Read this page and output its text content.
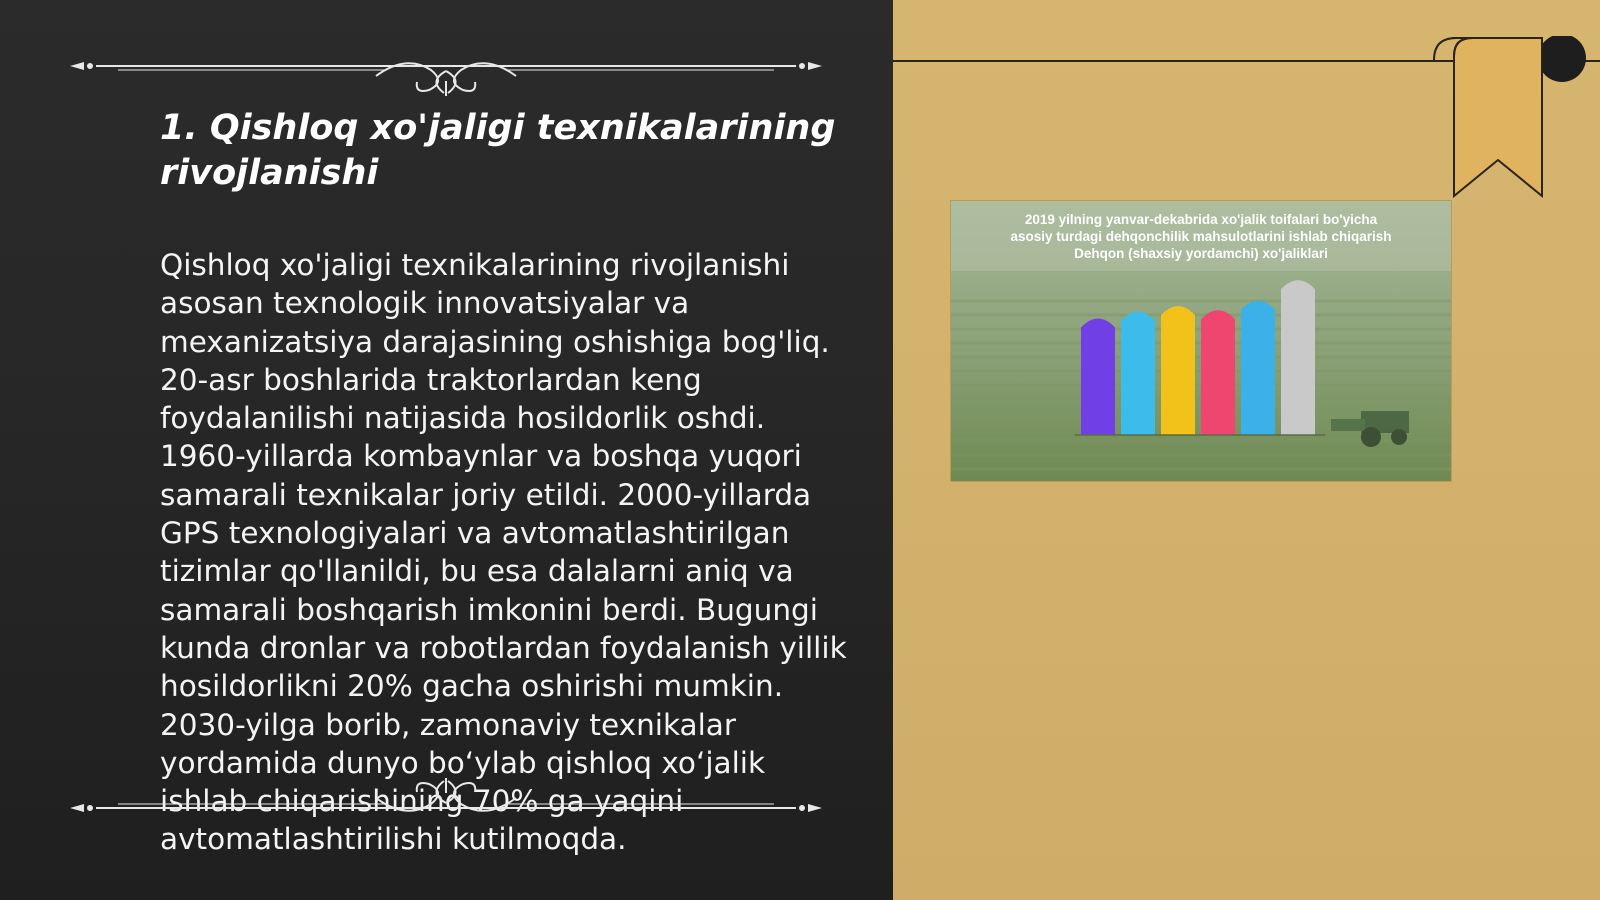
1. Qishloq xo'jaligi texnikalarining rivojlanishi

Qishloq xo'jaligi texnikalarining rivojlanishi asosan texnologik innovatsiyalar va mexanizatsiya darajasining oshishiga bog'liq. 20-asr boshlarida traktorlardan keng foydalanilishi natijasida hosildorlik oshdi. 1960-yillarda kombaynlar va boshqa yuqori samarali texnikalar joriy etildi. 2000-yillarda GPS texnologiyalari va avtomatlashtirilgan tizimlar qo'llanildi, bu esa dalalarni aniq va samarali boshqarish imkonini berdi. Bugungi kunda dronlar va robotlardan foydalanish yillik hosildorlikni 20% gacha oshirishi mumkin. 2030-yilga borib, zamonaviy texnikalar yordamida dunyo bo‘ylab qishloq xo‘jalik ishlab chiqarishining 70% ga yaqini avtomatlashtirilishi kutilmoqda.

2019 yilning yanvar-dekabrida xo'jalik toifalari bo'yicha
asosiy turdagi dehqonchilik mahsulotlarini ishlab chiqarish
Dehqon (shaxsiy yordamchi) xo'jaliklari
